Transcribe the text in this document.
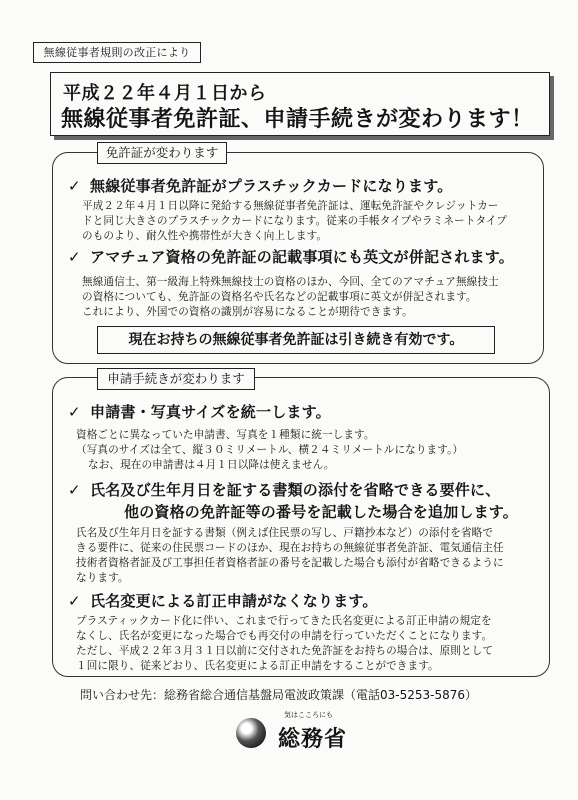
無線従事者規則の改正により
平成２２年４月１日から
無線従事者免許証、申請手続きが変わります！
免許証が変わります
✓ 無線従事者免許証がプラスチックカードになります。
平成２２年４月１日以降に発給する無線従事者免許証は、運転免許証やクレジットカー
ドと同じ大きさのプラスチックカードになります。従来の手帳タイプやラミネートタイプ
のものより、耐久性や携帯性が大きく向上します。
✓ アマチュア資格の免許証の記載事項にも英文が併記されます。
無線通信士、第一級海上特殊無線技士の資格のほか、今回、全てのアマチュア無線技士
の資格についても、免許証の資格名や氏名などの記載事項に英文が併記されます。
これにより、外国での資格の識別が容易になることが期待できます。
現在お持ちの無線従事者免許証は引き続き有効です。
申請手続きが変わります
✓ 申請書・写真サイズを統一します。
資格ごとに異なっていた申請書、写真を１種類に統一します。
（写真のサイズは全て、縦３０ミリメートル、横２４ミリメートルになります。）
なお、現在の申請書は４月１日以降は使えません。
✓ 氏名及び生年月日を証する書類の添付を省略できる要件に、
他の資格の免許証等の番号を記載した場合を追加します。
氏名及び生年月日を証する書類（例えば住民票の写し、戸籍抄本など）の添付を省略で
きる要件に、従来の住民票コードのほか、現在お持ちの無線従事者免許証、電気通信主任
技術者資格者証及び工事担任者資格者証の番号を記載した場合も添付が省略できるように
なります。
✓ 氏名変更による訂正申請がなくなります。
プラスティックカード化に伴い、これまで行ってきた氏名変更による訂正申請の規定を
なくし、氏名が変更になった場合でも再交付の申請を行っていただくことになります。
ただし、平成２２年３月３１日以前に交付された免許証をお持ちの場合は、原則として
１回に限り、従来どおり、氏名変更による訂正申請をすることができます。
問い合わせ先：総務省総合通信基盤局電波政策課（電話03-5253-5876）
気はこころにも
総務省
